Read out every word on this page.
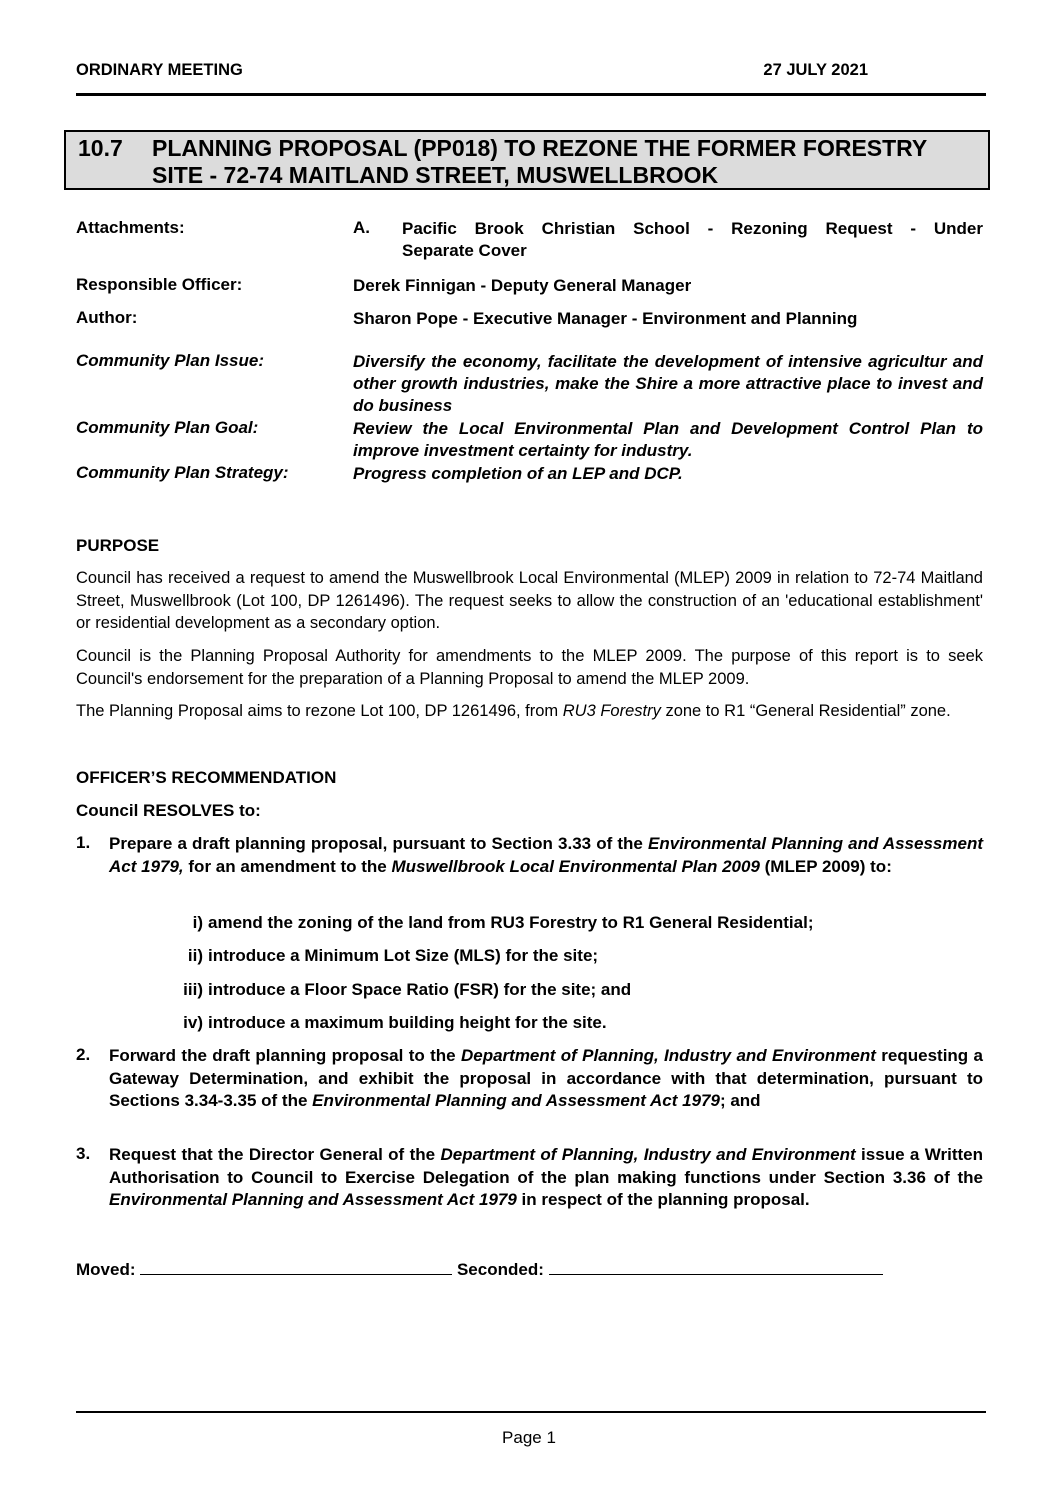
ORDINARY MEETING	27 JULY 2021
10.7 PLANNING PROPOSAL (PP018) TO REZONE THE FORMER FORESTRY
SITE - 72-74 MAITLAND STREET, MUSWELLBROOK
Attachments:	A. Pacific Brook Christian School - Rezoning Request - Under
Separate Cover
Responsible Officer:	Derek Finnigan - Deputy General Manager
Author:	Sharon Pope - Executive Manager - Environment and Planning
Community Plan Issue:	Diversify the economy, facilitate the development of intensive agricultur and other growth industries, make the Shire a more attractive place to invest and do business
Community Plan Goal:	Review the Local Environmental Plan and Development Control Plan to improve investment certainty for industry.
Community Plan Strategy:	Progress completion of an LEP and DCP.
PURPOSE
Council has received a request to amend the Muswellbrook Local Environmental (MLEP) 2009 in relation to 72-74 Maitland Street, Muswellbrook (Lot 100, DP 1261496). The request seeks to allow the construction of an 'educational establishment' or residential development as a secondary option.
Council is the Planning Proposal Authority for amendments to the MLEP 2009. The purpose of this report is to seek Council's endorsement for the preparation of a Planning Proposal to amend the MLEP 2009.
The Planning Proposal aims to rezone Lot 100, DP 1261496, from RU3 Forestry zone to R1 “General Residential” zone.
OFFICER’S RECOMMENDATION
Council RESOLVES to:
1. Prepare a draft planning proposal, pursuant to Section 3.33 of the Environmental Planning and Assessment Act 1979, for an amendment to the Muswellbrook Local Environmental Plan 2009 (MLEP 2009) to:
i) amend the zoning of the land from RU3 Forestry to R1 General Residential;
ii) introduce a Minimum Lot Size (MLS) for the site;
iii) introduce a Floor Space Ratio (FSR) for the site; and
iv) introduce a maximum building height for the site.
2. Forward the draft planning proposal to the Department of Planning, Industry and Environment requesting a Gateway Determination, and exhibit the proposal in accordance with that determination, pursuant to Sections 3.34-3.35 of the Environmental Planning and Assessment Act 1979; and
3. Request that the Director General of the Department of Planning, Industry and Environment issue a Written Authorisation to Council to Exercise Delegation of the plan making functions under Section 3.36 of the Environmental Planning and Assessment Act 1979 in respect of the planning proposal.
Moved:	Seconded:
Page 1
